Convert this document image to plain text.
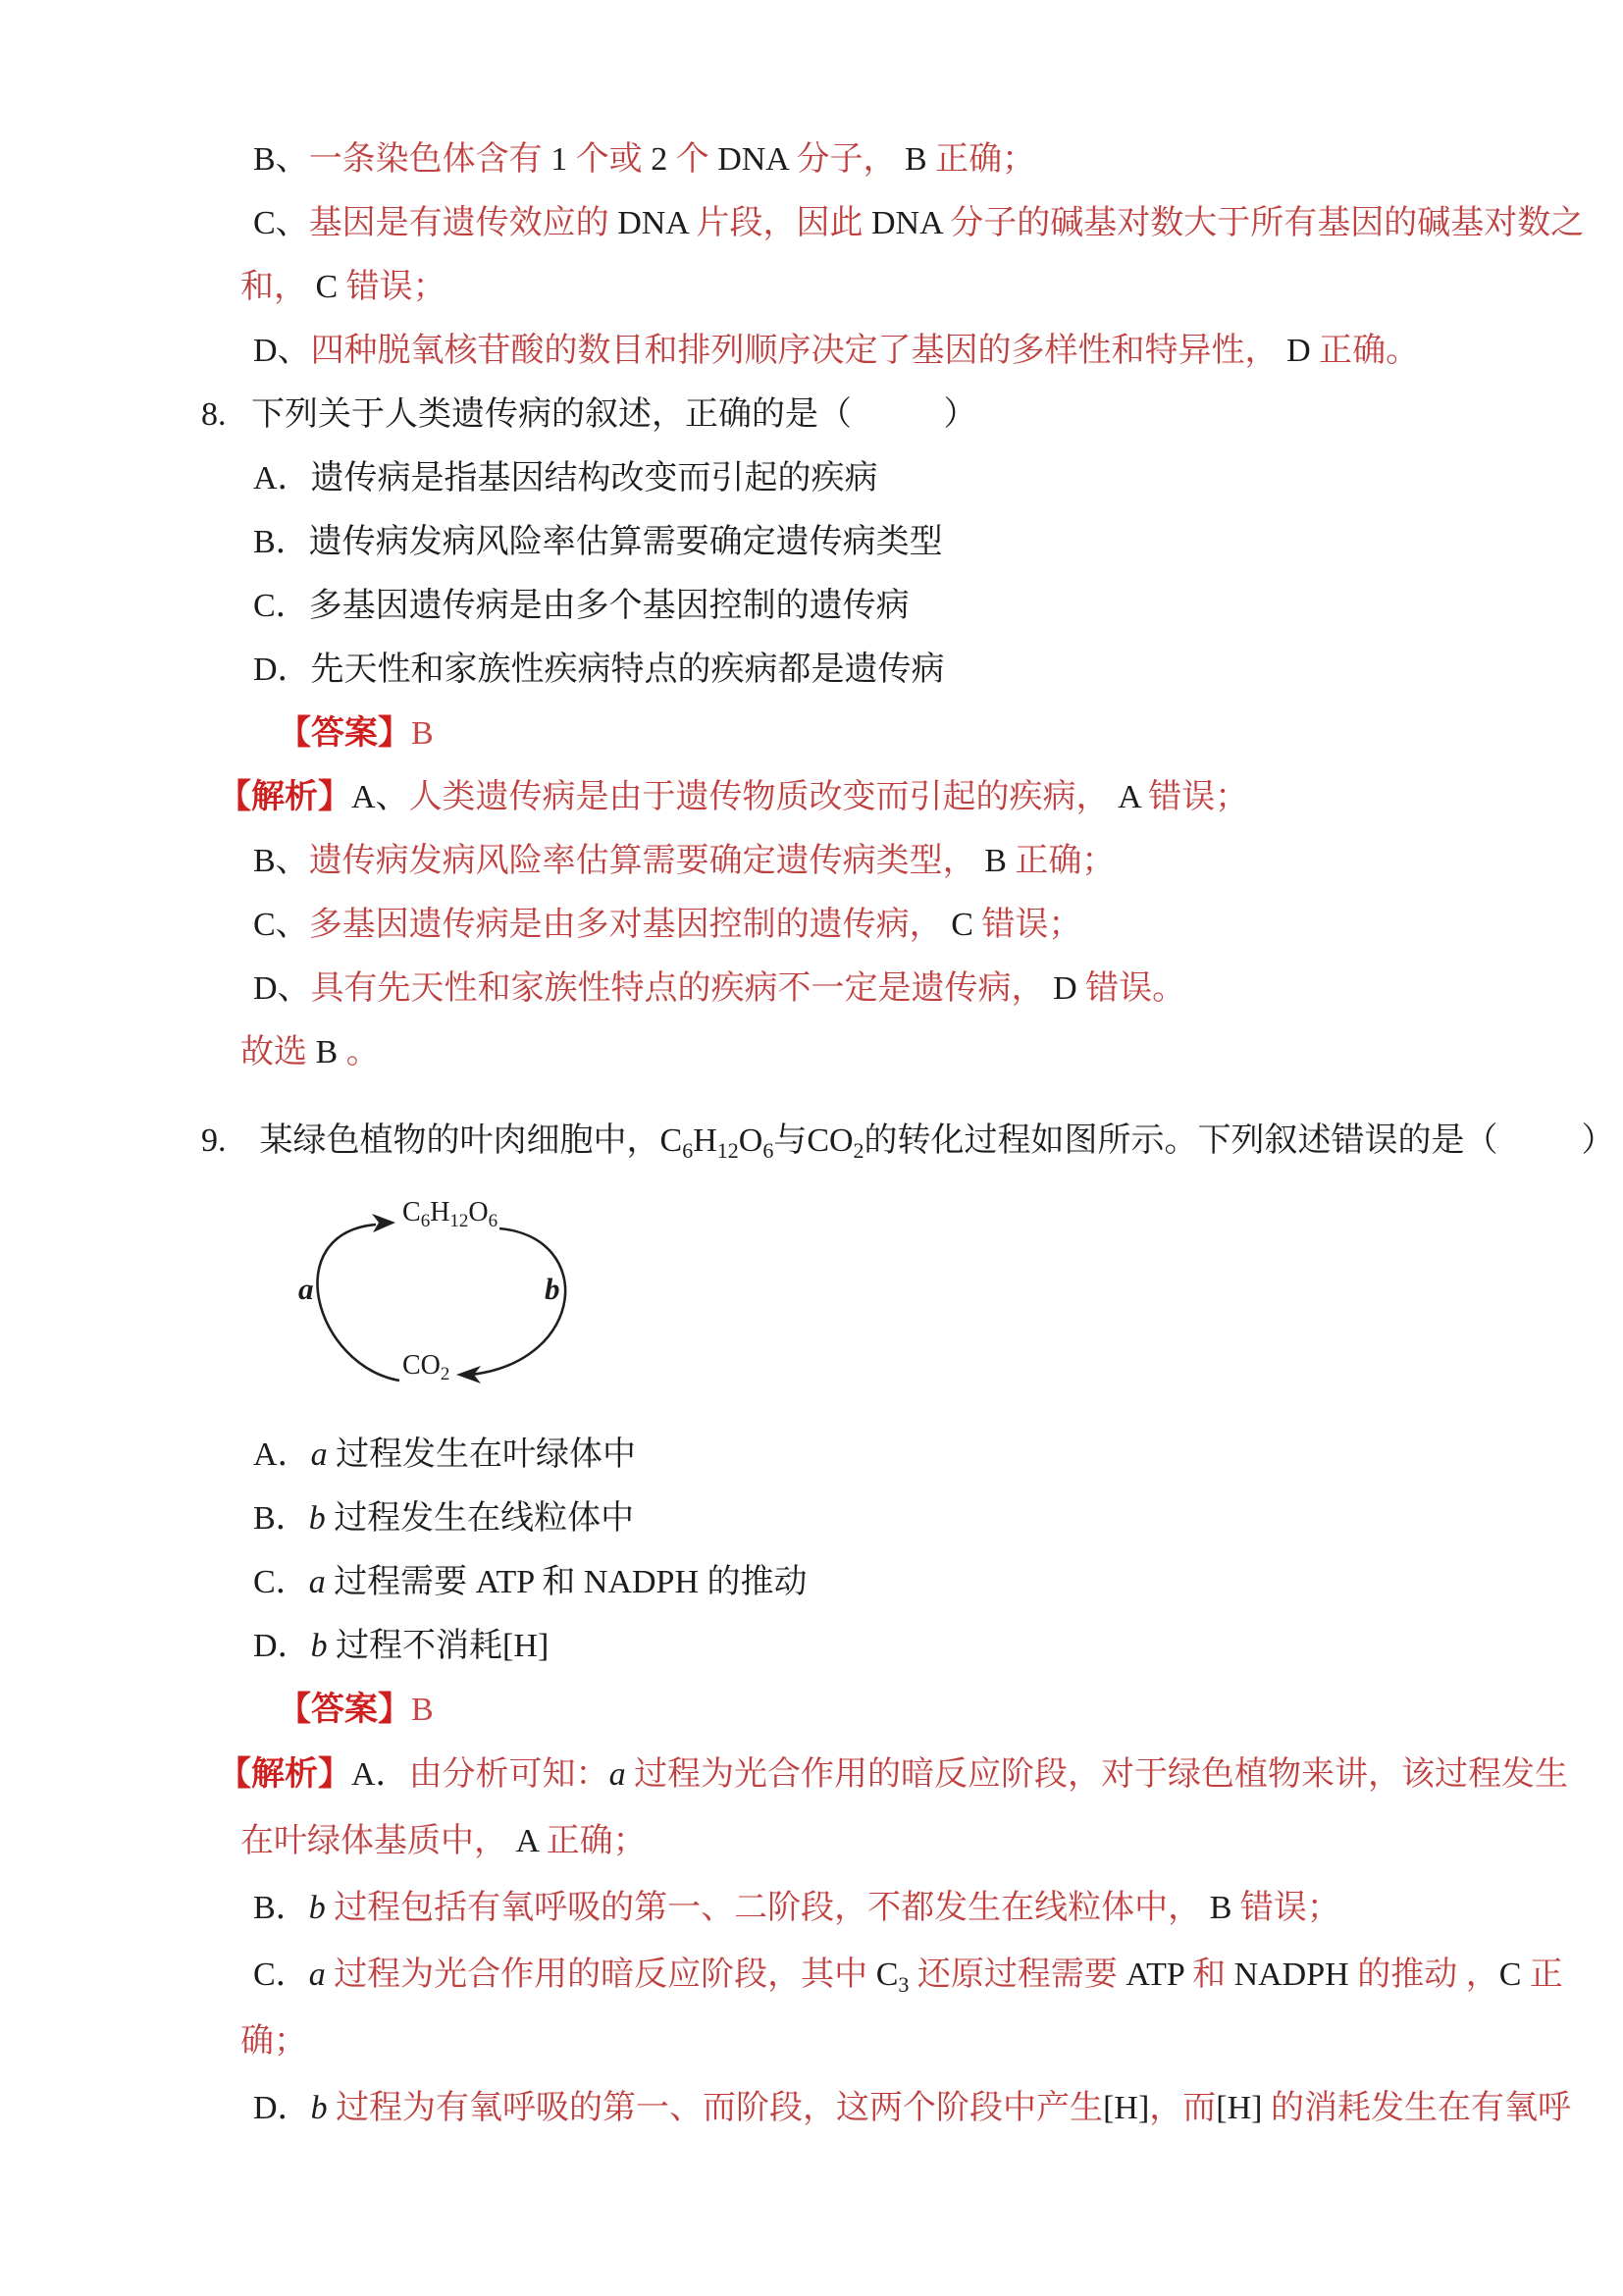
B、一条染色体含有 1 个或 2 个 DNA 分子， B 正确；
C、基因是有遗传效应的 DNA 片段，因此 DNA 分子的碱基对数大于所有基因的碱基对数之
和， C 错误；
D、四种脱氧核苷酸的数目和排列顺序决定了基因的多样性和特异性， D 正确。
8.   下列关于人类遗传病的叙述，正确的是（           ）
A．遗传病是指基因结构改变而引起的疾病
B．遗传病发病风险率估算需要确定遗传病类型
C．多基因遗传病是由多个基因控制的遗传病
D．先天性和家族性疾病特点的疾病都是遗传病
【答案】B
【解析】A、人类遗传病是由于遗传物质改变而引起的疾病， A 错误；
B、遗传病发病风险率估算需要确定遗传病类型， B 正确；
C、多基因遗传病是由多对基因控制的遗传病， C 错误；
D、具有先天性和家族性特点的疾病不一定是遗传病， D 错误。
故选 B 。
9.    某绿色植物的叶肉细胞中，$C_6H_{12}O_6$与$CO_2$的转化过程如图所示。下列叙述错误的是（          ）
$C_6H_{12}O_6$
a	b
$CO_2$
A．a 过程发生在叶绿体中
B．b 过程发生在线粒体中
C．a 过程需要 ATP 和 NADPH 的推动
D．b 过程不消耗[H]
【答案】B
【解析】A．由分析可知：a 过程为光合作用的暗反应阶段，对于绿色植物来讲，该过程发生
在叶绿体基质中， A 正确；
B．b 过程包括有氧呼吸的第一、二阶段，不都发生在线粒体中， B 错误；
C．a 过程为光合作用的暗反应阶段，其中 $C_3$ 还原过程需要 ATP 和 NADPH 的推动 ，C 正
确；
D．b 过程为有氧呼吸的第一、而阶段，这两个阶段中产生[H]，而[H] 的消耗发生在有氧呼
